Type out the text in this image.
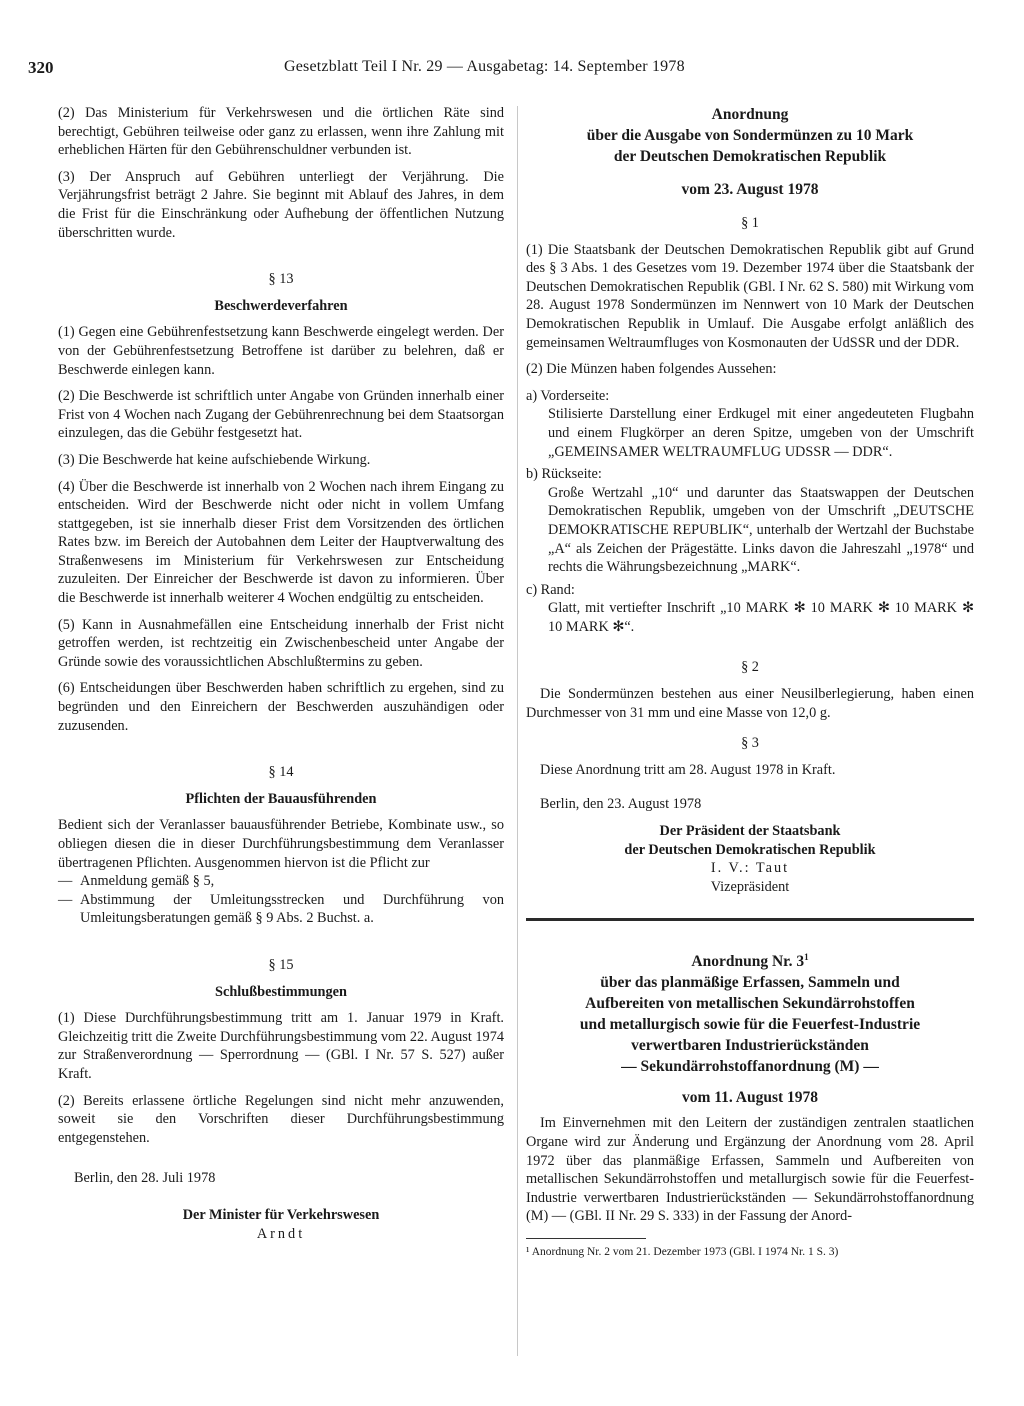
320	Gesetzblatt Teil I Nr. 29 — Ausgabetag: 14. September 1978

(2) Das Ministerium für Verkehrswesen und die örtlichen Räte sind berechtigt, Gebühren teilweise oder ganz zu erlassen, wenn ihre Zahlung mit erheblichen Härten für den Gebührenschuldner verbunden ist.

(3) Der Anspruch auf Gebühren unterliegt der Verjährung. Die Verjährungsfrist beträgt 2 Jahre. Sie beginnt mit Ablauf des Jahres, in dem die Frist für die Einschränkung oder Aufhebung der öffentlichen Nutzung überschritten wurde.

§ 13
Beschwerdeverfahren

(1) Gegen eine Gebührenfestsetzung kann Beschwerde eingelegt werden. Der von der Gebührenfestsetzung Betroffene ist darüber zu belehren, daß er Beschwerde einlegen kann.

(2) Die Beschwerde ist schriftlich unter Angabe von Gründen innerhalb einer Frist von 4 Wochen nach Zugang der Gebührenrechnung bei dem Staatsorgan einzulegen, das die Gebühr festgesetzt hat.

(3) Die Beschwerde hat keine aufschiebende Wirkung.

(4) Über die Beschwerde ist innerhalb von 2 Wochen nach ihrem Eingang zu entscheiden. Wird der Beschwerde nicht oder nicht in vollem Umfang stattgegeben, ist sie innerhalb dieser Frist dem Vorsitzenden des örtlichen Rates bzw. im Bereich der Autobahnen dem Leiter der Hauptverwaltung des Straßenwesens im Ministerium für Verkehrswesen zur Entscheidung zuzuleiten. Der Einreicher der Beschwerde ist davon zu informieren. Über die Beschwerde ist innerhalb weiterer 4 Wochen endgültig zu entscheiden.

(5) Kann in Ausnahmefällen eine Entscheidung innerhalb der Frist nicht getroffen werden, ist rechtzeitig ein Zwischenbescheid unter Angabe der Gründe sowie des voraussichtlichen Abschlußtermins zu geben.

(6) Entscheidungen über Beschwerden haben schriftlich zu ergehen, sind zu begründen und den Einreichern der Beschwerden auszuhändigen oder zuzusenden.

§ 14
Pflichten der Bauausführenden

Bedient sich der Veranlasser bauausführender Betriebe, Kombinate usw., so obliegen diesen die in dieser Durchführungsbestimmung dem Veranlasser übertragenen Pflichten. Ausgenommen hiervon ist die Pflicht zur

— Anmeldung gemäß § 5,
— Abstimmung der Umleitungsstrecken und Durchführung von Umleitungsberatungen gemäß § 9 Abs. 2 Buchst. a.
§ 15
Schlußbestimmungen

(1) Diese Durchführungsbestimmung tritt am 1. Januar 1979 in Kraft. Gleichzeitig tritt die Zweite Durchführungsbestimmung vom 22. August 1974 zur Straßenverordnung — Sperrordnung — (GBl. I Nr. 57 S. 527) außer Kraft.

(2) Bereits erlassene örtliche Regelungen sind nicht mehr anzuwenden, soweit sie den Vorschriften dieser Durchführungsbestimmung entgegenstehen.

Berlin, den 28. Juli 1978

Der Minister für Verkehrswesen
Arndt
Anordnung
über die Ausgabe von Sondermünzen zu 10 Mark
der Deutschen Demokratischen Republik
vom 23. August 1978
§ 1

(1) Die Staatsbank der Deutschen Demokratischen Republik gibt auf Grund des § 3 Abs. 1 des Gesetzes vom 19. Dezember 1974 über die Staatsbank der Deutschen Demokratischen Republik (GBl. I Nr. 62 S. 580) mit Wirkung vom 28. August 1978 Sondermünzen im Nennwert von 10 Mark der Deutschen Demokratischen Republik in Umlauf. Die Ausgabe erfolgt anläßlich des gemeinsamen Weltraumfluges von Kosmonauten der UdSSR und der DDR.

(2) Die Münzen haben folgendes Aussehen:

a) Vorderseite:
Stilisierte Darstellung einer Erdkugel mit einer angedeuteten Flugbahn und einem Flugkörper an deren Spitze, umgeben von der Umschrift „GEMEINSAMER WELTRAUMFLUG UDSSR — DDR“.
b) Rückseite:
Große Wertzahl „10“ und darunter das Staatswappen der Deutschen Demokratischen Republik, umgeben von der Umschrift „DEUTSCHE DEMOKRATISCHE REPUBLIK“, unterhalb der Wertzahl der Buchstabe „A“ als Zeichen der Prägestätte. Links davon die Jahreszahl „1978“ und rechts die Währungsbezeichnung „MARK“.
c) Rand:
Glatt, mit vertiefter Inschrift „10 MARK ✻ 10 MARK ✻ 10 MARK ✻ 10 MARK ✻“.
§ 2

Die Sondermünzen bestehen aus einer Neusilberlegierung, haben einen Durchmesser von 31 mm und eine Masse von 12,0 g.

§ 3

Diese Anordnung tritt am 28. August 1978 in Kraft.

Berlin, den 23. August 1978

Der Präsident der Staatsbank
der Deutschen Demokratischen Republik
I. V.: Taut
Vizepräsident
Anordnung Nr. $3^1$
über das planmäßige Erfassen, Sammeln und
Aufbereiten von metallischen Sekundärrohstoffen
und metallurgisch sowie für die Feuerfest-Industrie
verwertbaren Industrierückständen
— Sekundärrohstoffanordnung (M) —
vom 11. August 1978

Im Einvernehmen mit den Leitern der zuständigen zentralen staatlichen Organe wird zur Änderung und Ergänzung der Anordnung vom 28. April 1972 über das planmäßige Erfassen, Sammeln und Aufbereiten von metallischen Sekundärrohstoffen und metallurgisch sowie für die Feuerfest-Industrie verwertbaren Industrierückständen — Sekundärrohstoffanordnung (M) — (GBl. II Nr. 29 S. 333) in der Fassung der Anord-

¹ Anordnung Nr. 2 vom 21. Dezember 1973 (GBl. I 1974 Nr. 1 S. 3)
